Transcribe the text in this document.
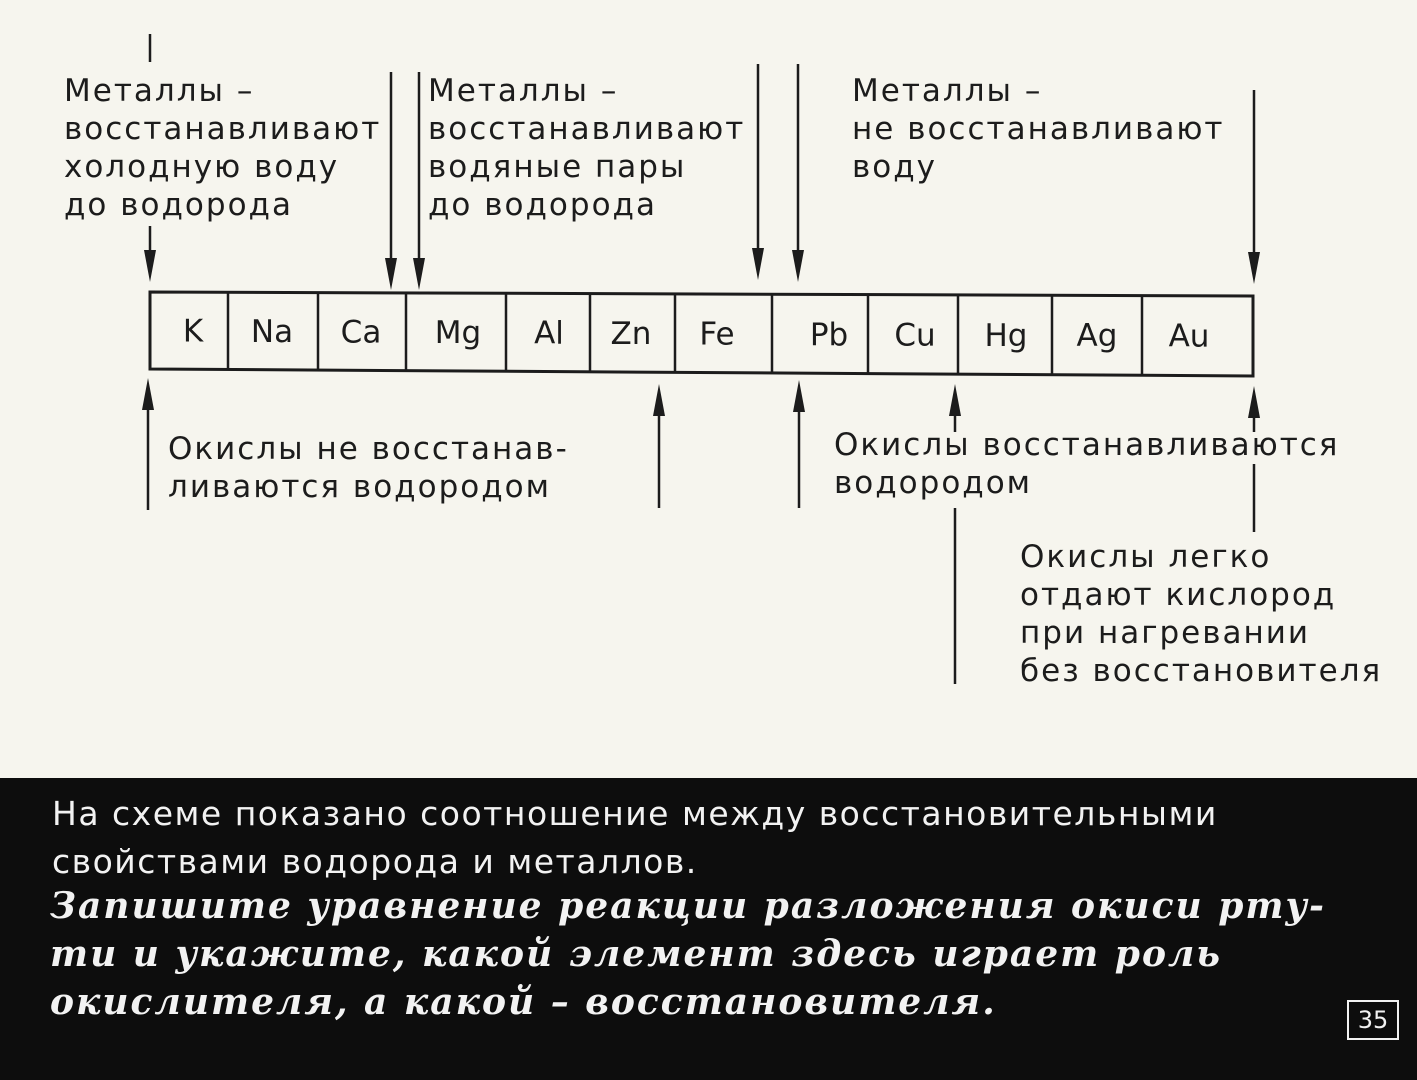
K Na Ca Mg Al Zn Fe Pb Cu Hg Ag Au
Металлы –
восстанавливают
холодную воду
до водорода
Металлы –
восстанавливают
водяные пары
до водорода
Металлы –
не восстанавливают
воду
Окислы не восстанав-
ливаются водородом
Окислы восстанавливаются
водородом
Окислы легко
отдают кислород
при нагревании
без восстановителя
На схеме показано соотношение между восстановительными
свойствами водорода и металлов.
Запишите уравнение реакции разложения окиси рту-
ти и укажите, какой элемент здесь играет роль
окислителя, а какой – восстановителя.	35
